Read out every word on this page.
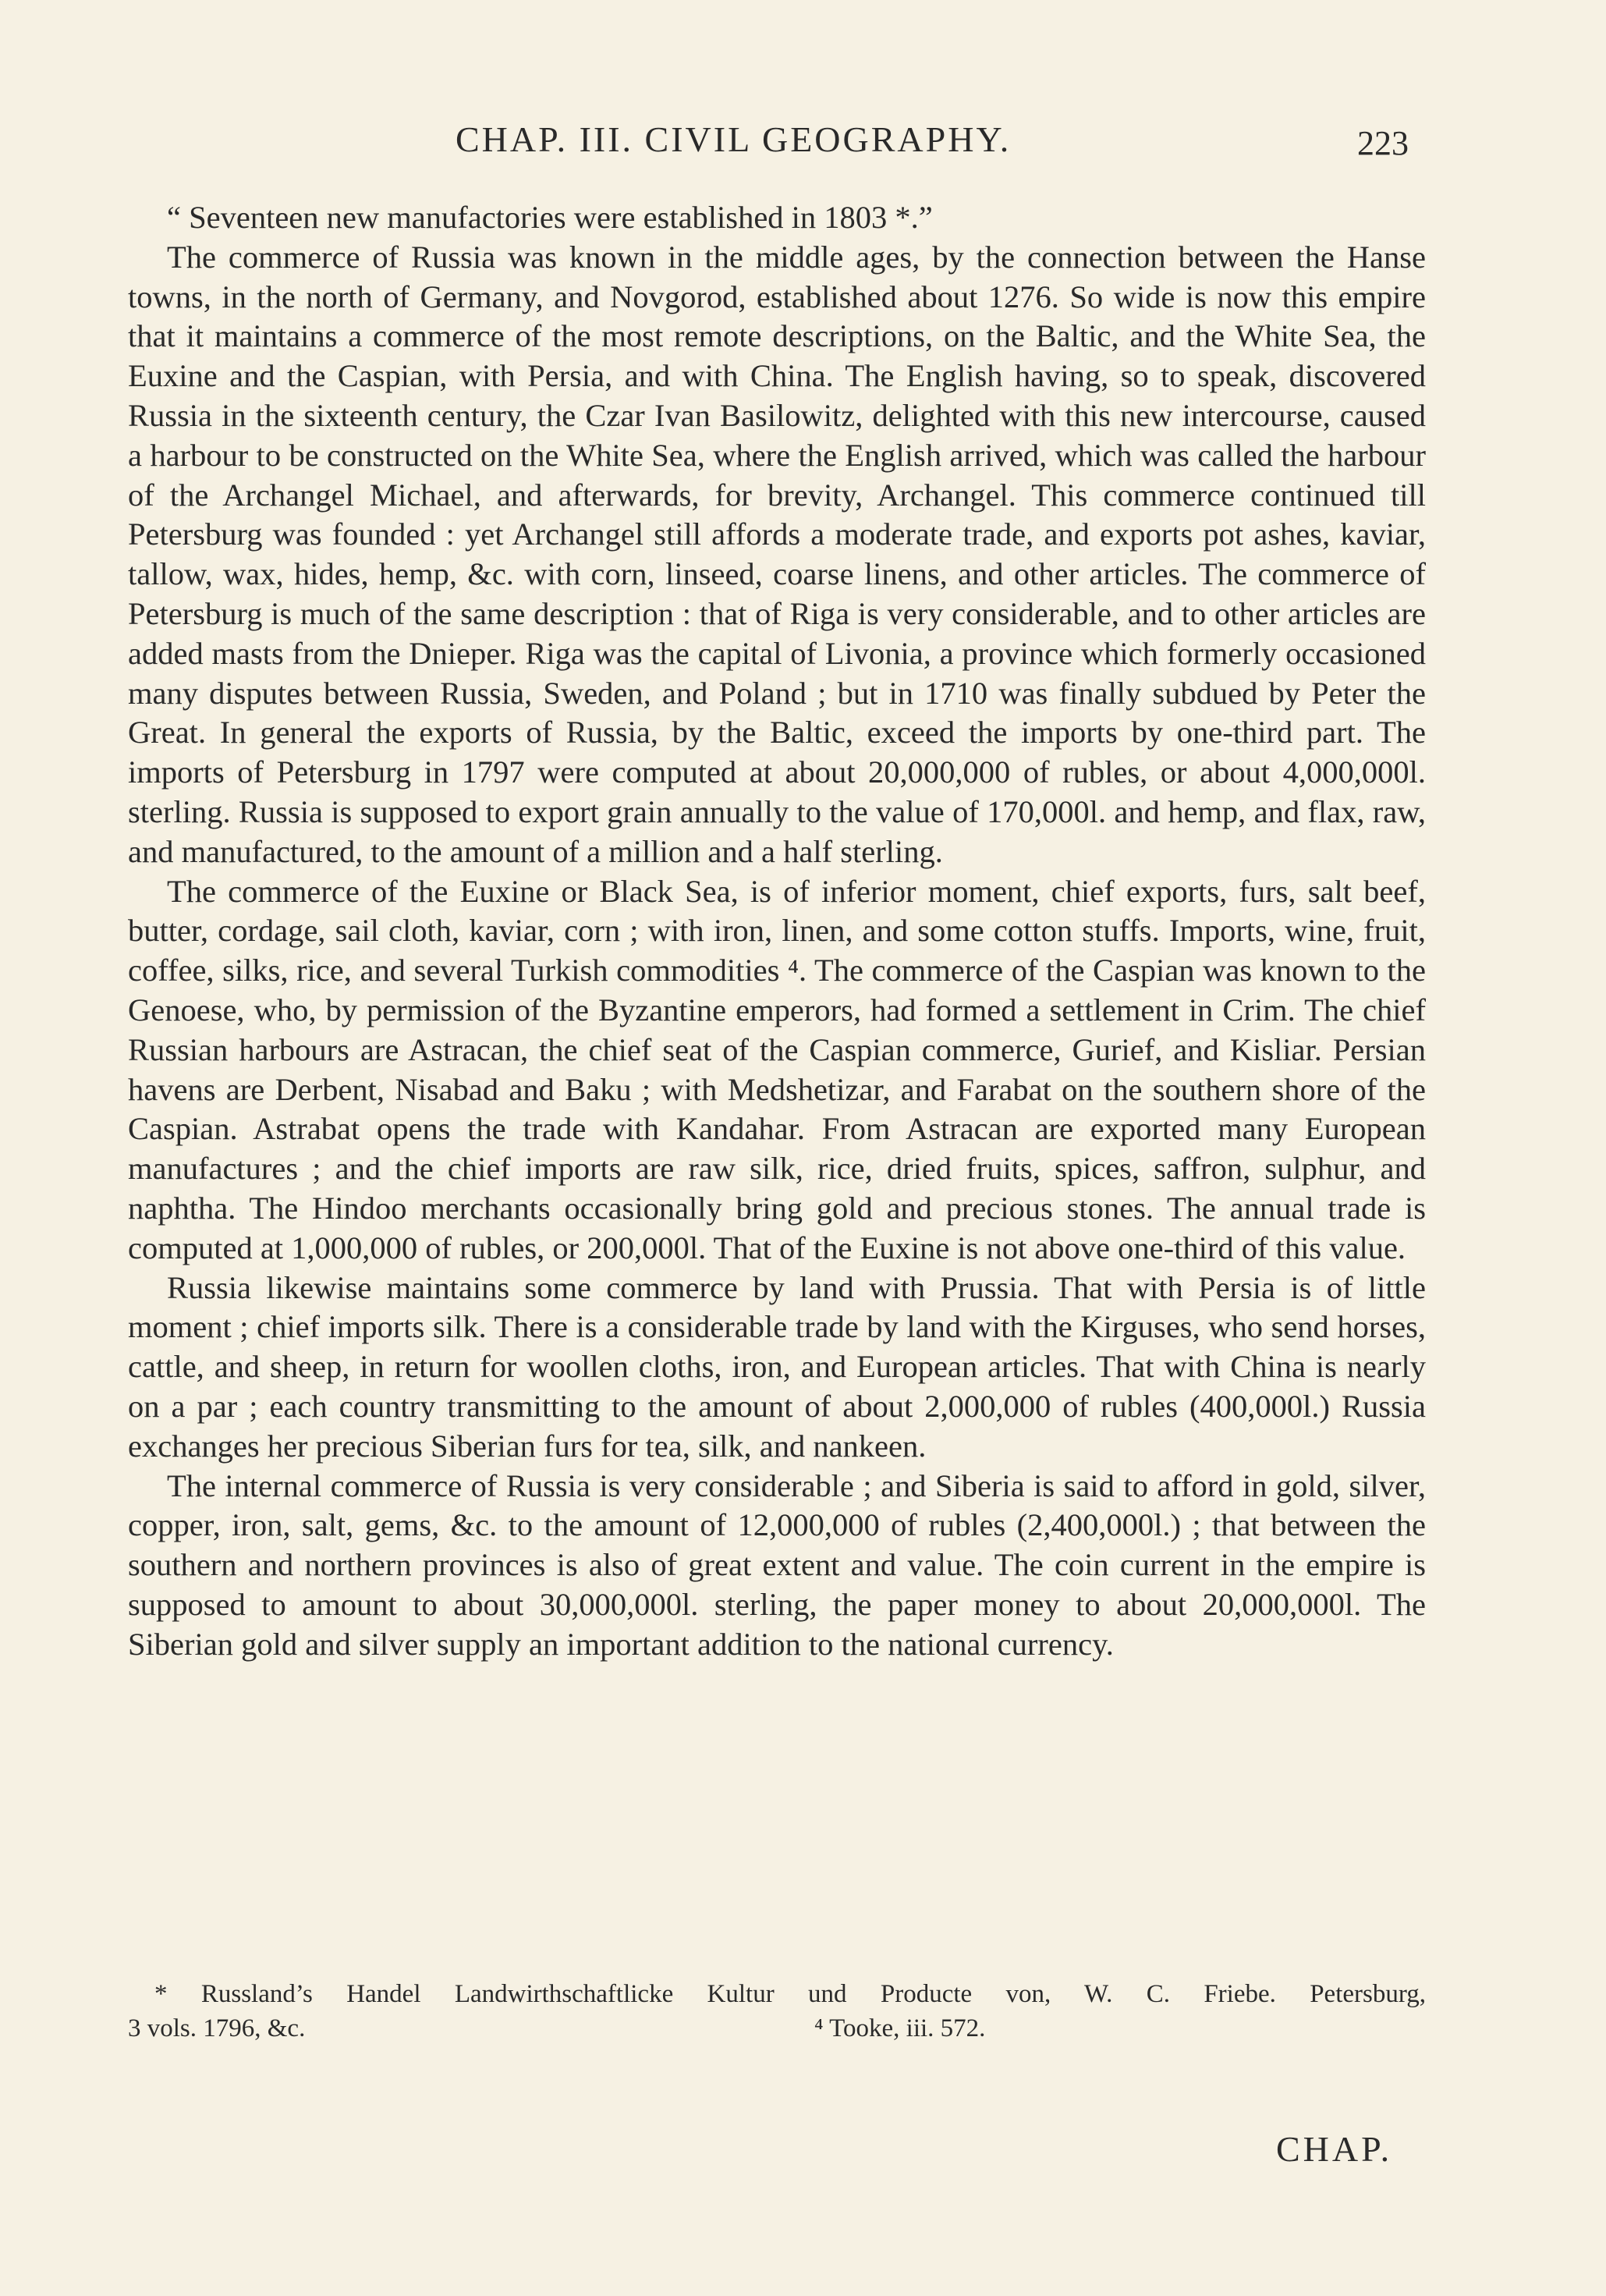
CHAP. III. CIVIL GEOGRAPHY.	223

“ Seventeen new manufactories were established in 1803 *.”

The commerce of Russia was known in the middle ages, by the connection between the Hanse towns, in the north of Germany, and Novgorod, established about 1276. So wide is now this empire that it maintains a commerce of the most remote descriptions, on the Baltic, and the White Sea, the Euxine and the Caspian, with Persia, and with China. The English having, so to speak, discovered Russia in the sixteenth century, the Czar Ivan Basilowitz, delighted with this new intercourse, caused a harbour to be constructed on the White Sea, where the English arrived, which was called the harbour of the Archangel Michael, and afterwards, for brevity, Archangel. This commerce continued till Petersburg was founded : yet Archangel still affords a moderate trade, and exports pot ashes, kaviar, tallow, wax, hides, hemp, &c. with corn, linseed, coarse linens, and other articles. The commerce of Petersburg is much of the same description : that of Riga is very considerable, and to other articles are added masts from the Dnieper. Riga was the capital of Livonia, a province which formerly occasioned many disputes between Russia, Sweden, and Poland ; but in 1710 was finally subdued by Peter the Great. In general the exports of Russia, by the Baltic, exceed the imports by one-third part. The imports of Petersburg in 1797 were computed at about 20,000,000 of rubles, or about 4,000,000l. sterling. Russia is supposed to export grain annually to the value of 170,000l. and hemp, and flax, raw, and manufactured, to the amount of a million and a half sterling.

The commerce of the Euxine or Black Sea, is of inferior moment, chief exports, furs, salt beef, butter, cordage, sail cloth, kaviar, corn ; with iron, linen, and some cotton stuffs. Imports, wine, fruit, coffee, silks, rice, and several Turkish commodities ⁴. The commerce of the Caspian was known to the Genoese, who, by permission of the Byzantine emperors, had formed a settlement in Crim. The chief Russian harbours are Astracan, the chief seat of the Caspian commerce, Gurief, and Kisliar. Persian havens are Derbent, Nisabad and Baku ; with Medshetizar, and Farabat on the southern shore of the Caspian. Astrabat opens the trade with Kandahar. From Astracan are exported many European manufactures ; and the chief imports are raw silk, rice, dried fruits, spices, saffron, sulphur, and naphtha. The Hindoo merchants occasionally bring gold and precious stones. The annual trade is computed at 1,000,000 of rubles, or 200,000l. That of the Euxine is not above one-third of this value.

Russia likewise maintains some commerce by land with Prussia. That with Persia is of little moment ; chief imports silk. There is a considerable trade by land with the Kirguses, who send horses, cattle, and sheep, in return for woollen cloths, iron, and European articles. That with China is nearly on a par ; each country transmitting to the amount of about 2,000,000 of rubles (400,000l.) Russia exchanges her precious Siberian furs for tea, silk, and nankeen.

The internal commerce of Russia is very considerable ; and Siberia is said to afford in gold, silver, copper, iron, salt, gems, &c. to the amount of 12,000,000 of rubles (2,400,000l.) ; that between the southern and northern provinces is also of great extent and value. The coin current in the empire is supposed to amount to about 30,000,000l. sterling, the paper money to about 20,000,000l. The Siberian gold and silver supply an important addition to the national currency.

* Russland’s Handel Landwirthschaftlicke Kultur und Producte von, W. C. Friebe. Petersburg,
3 vols. 1796, &c.	⁴ Tooke, iii. 572.
CHAP.
